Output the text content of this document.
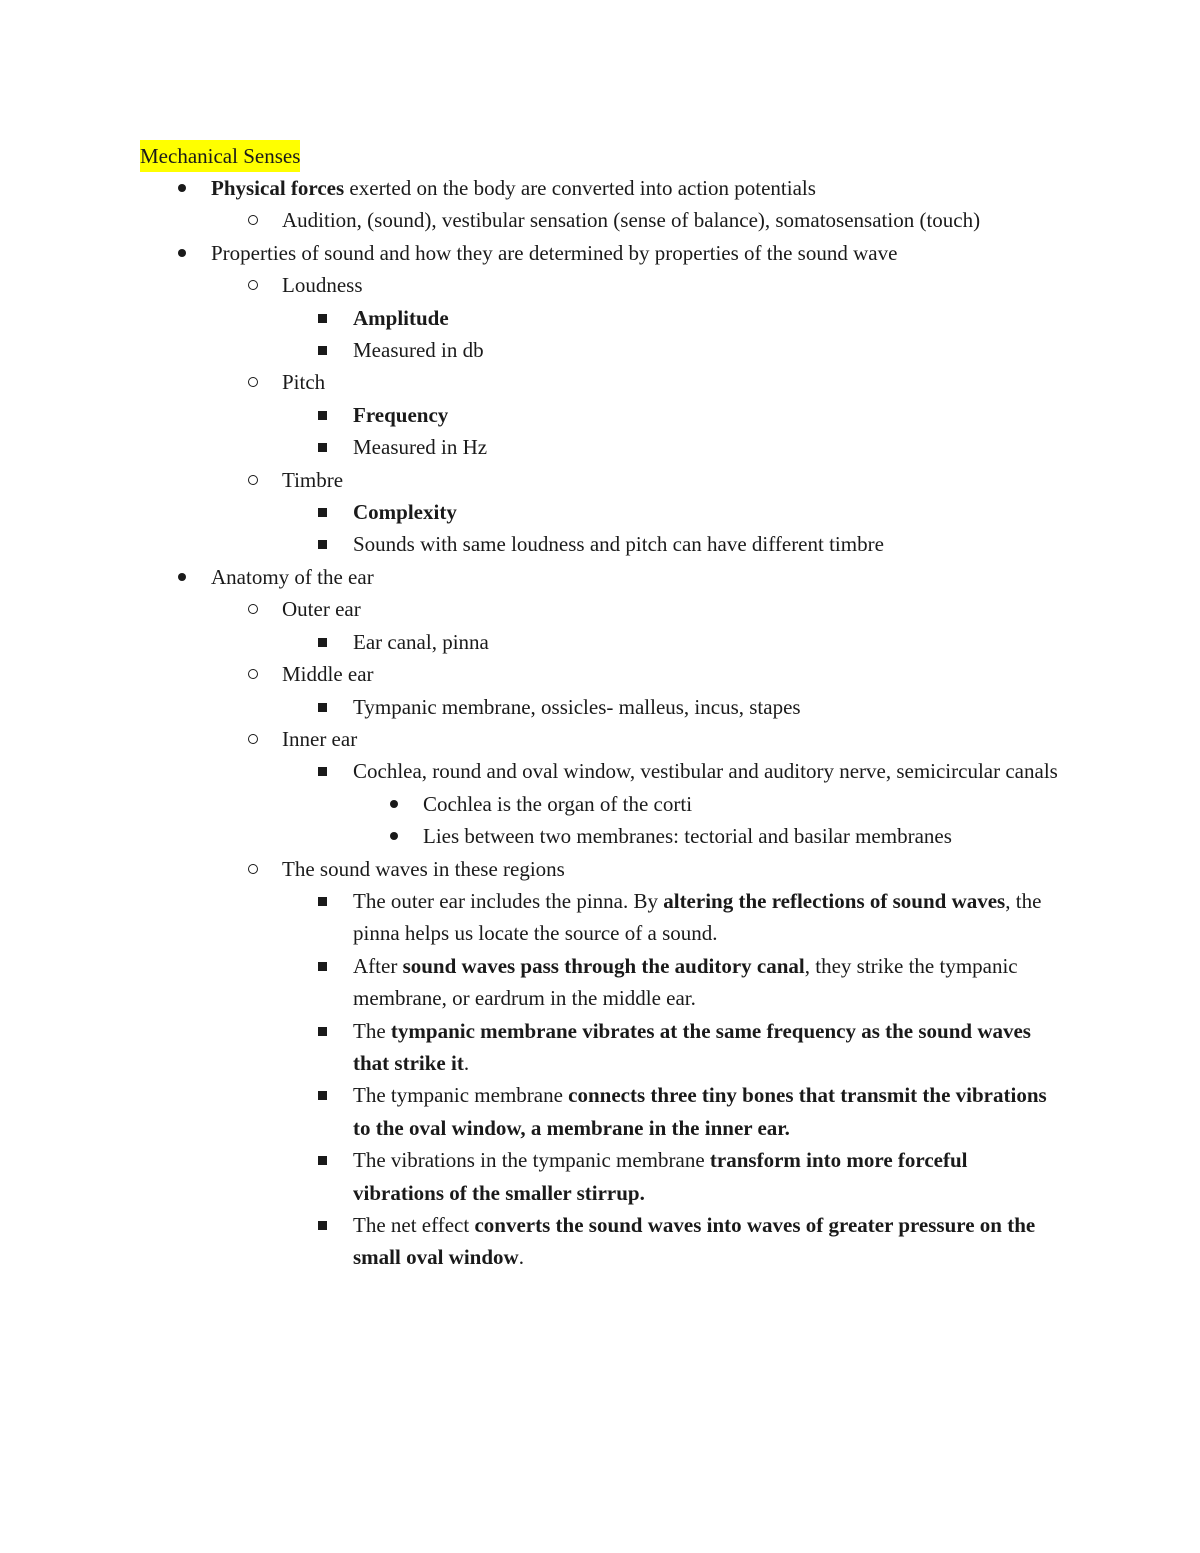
Mechanical Senses
Physical forces exerted on the body are converted into action potentials
Audition, (sound), vestibular sensation (sense of balance), somatosensation (touch)
Properties of sound and how they are determined by properties of the sound wave
Loudness
Amplitude
Measured in db
Pitch
Frequency
Measured in Hz
Timbre
Complexity
Sounds with same loudness and pitch can have different timbre
Anatomy of the ear
Outer ear
Ear canal, pinna
Middle ear
Tympanic membrane, ossicles- malleus, incus, stapes
Inner ear
Cochlea, round and oval window, vestibular and auditory nerve, semicircular canals
Cochlea is the organ of the corti
Lies between two membranes: tectorial and basilar membranes
The sound waves in these regions
The outer ear includes the pinna. By altering the reflections of sound waves, the pinna helps us locate the source of a sound.
After sound waves pass through the auditory canal, they strike the tympanic membrane, or eardrum in the middle ear.
The tympanic membrane vibrates at the same frequency as the sound waves that strike it.
The tympanic membrane connects three tiny bones that transmit the vibrations to the oval window, a membrane in the inner ear.
The vibrations in the tympanic membrane transform into more forceful vibrations of the smaller stirrup.
The net effect converts the sound waves into waves of greater pressure on the small oval window.
